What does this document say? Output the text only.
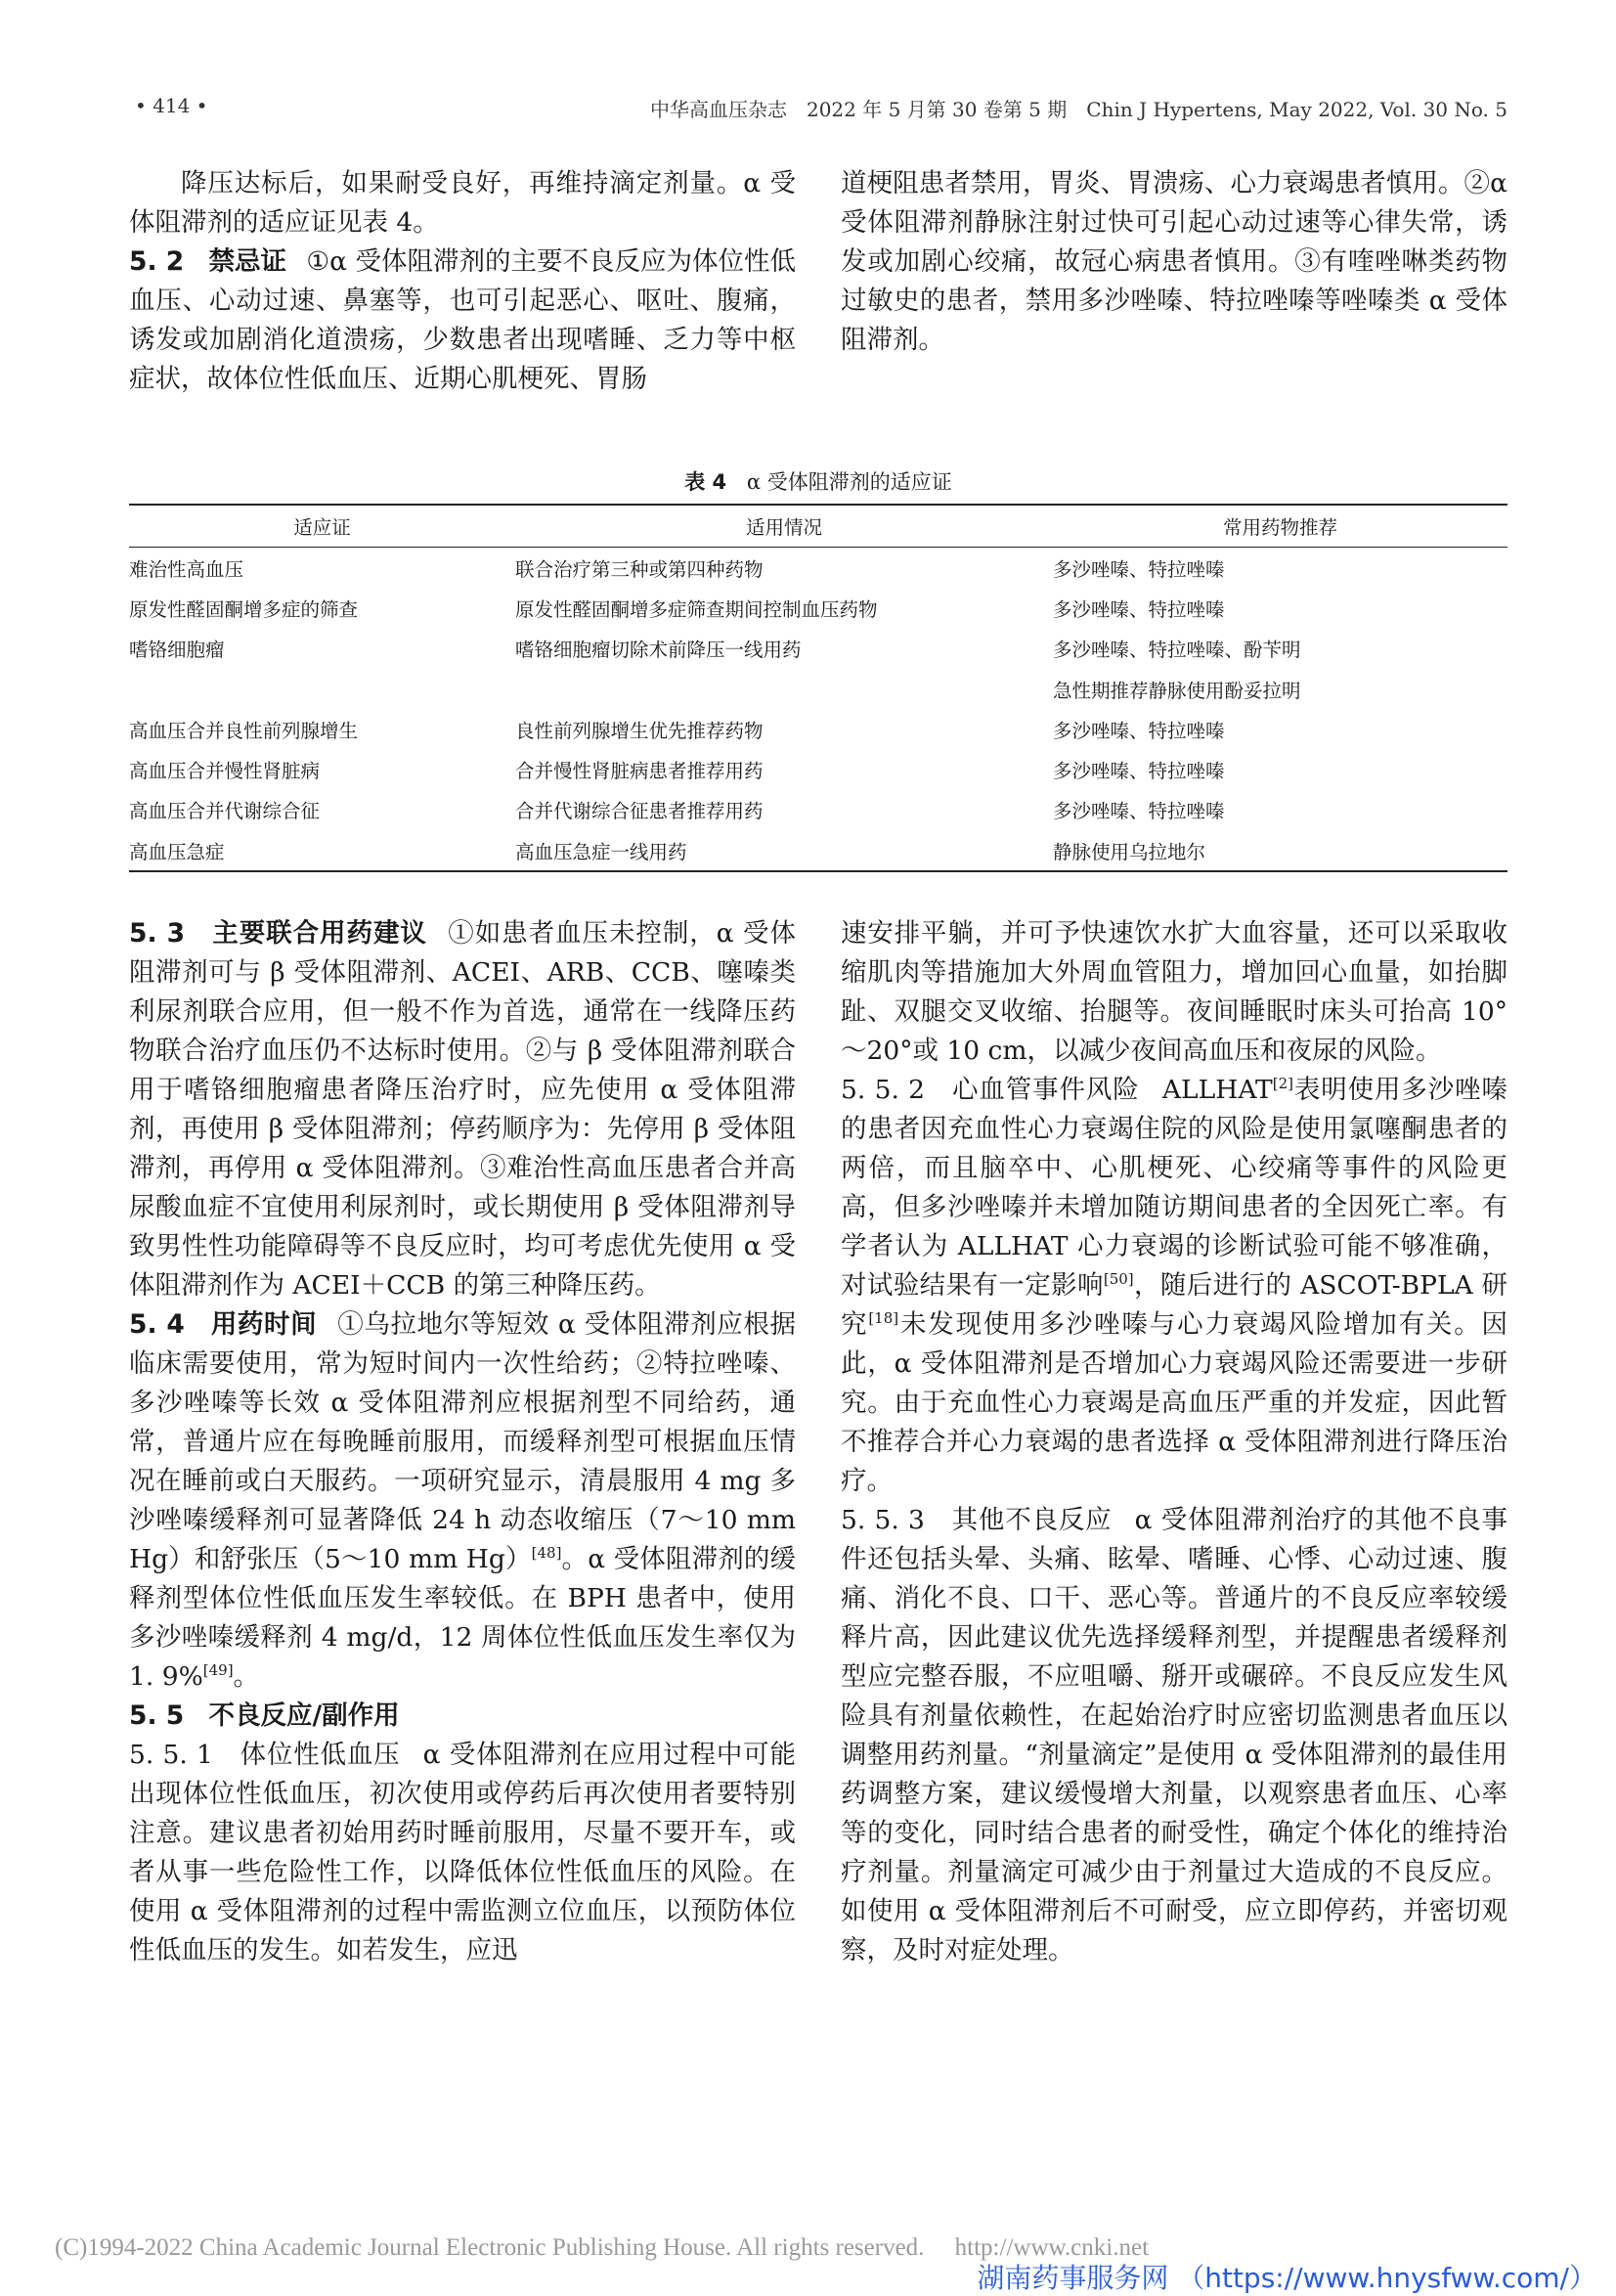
• 414 •	中华高血压杂志　2022 年 5 月第 30 卷第 5 期　Chin J Hypertens, May 2022, Vol. 30 No. 5

降压达标后，如果耐受良好，再维持滴定剂量。α 受体阻滞剂的适应证见表 4。

5. 2 禁忌证 ①α 受体阻滞剂的主要不良反应为体位性低血压、心动过速、鼻塞等，也可引起恶心、呕吐、腹痛，诱发或加剧消化道溃疡，少数患者出现嗜睡、乏力等中枢症状，故体位性低血压、近期心肌梗死、胃肠

道梗阻患者禁用，胃炎、胃溃疡、心力衰竭患者慎用。②α 受体阻滞剂静脉注射过快可引起心动过速等心律失常，诱发或加剧心绞痛，故冠心病患者慎用。③有喹唑啉类药物过敏史的患者，禁用多沙唑嗪、特拉唑嗪等唑嗪类 α 受体阻滞剂。

表 4 α 受体阻滞剂的适应证
适应证	适用情况	常用药物推荐
难治性高血压	联合治疗第三种或第四种药物	多沙唑嗪、特拉唑嗪
原发性醛固酮增多症的筛查	原发性醛固酮增多症筛查期间控制血压药物	多沙唑嗪、特拉唑嗪
嗜铬细胞瘤	嗜铬细胞瘤切除术前降压一线用药	多沙唑嗪、特拉唑嗪、酚苄明
		急性期推荐静脉使用酚妥拉明
高血压合并良性前列腺增生	良性前列腺增生优先推荐药物	多沙唑嗪、特拉唑嗪
高血压合并慢性肾脏病	合并慢性肾脏病患者推荐用药	多沙唑嗪、特拉唑嗪
高血压合并代谢综合征	合并代谢综合征患者推荐用药	多沙唑嗪、特拉唑嗪
高血压急症	高血压急症一线用药	静脉使用乌拉地尔

5. 3 主要联合用药建议 ①如患者血压未控制，α 受体阻滞剂可与 β 受体阻滞剂、ACEI、ARB、CCB、噻嗪类利尿剂联合应用，但一般不作为首选，通常在一线降压药物联合治疗血压仍不达标时使用。②与 β 受体阻滞剂联合用于嗜铬细胞瘤患者降压治疗时，应先使用 α 受体阻滞剂，再使用 β 受体阻滞剂；停药顺序为：先停用 β 受体阻滞剂，再停用 α 受体阻滞剂。③难治性高血压患者合并高尿酸血症不宜使用利尿剂时，或长期使用 β 受体阻滞剂导致男性性功能障碍等不良反应时，均可考虑优先使用 α 受体阻滞剂作为 ACEI＋CCB 的第三种降压药。

5. 4 用药时间 ①乌拉地尔等短效 α 受体阻滞剂应根据临床需要使用，常为短时间内一次性给药；②特拉唑嗪、多沙唑嗪等长效 α 受体阻滞剂应根据剂型不同给药，通常，普通片应在每晚睡前服用，而缓释剂型可根据血压情况在睡前或白天服药。一项研究显示，清晨服用 4 mg 多沙唑嗪缓释剂可显著降低 24 h 动态收缩压（7～10 mm Hg）和舒张压（5～10 mm Hg）[48]。α 受体阻滞剂的缓释剂型体位性低血压发生率较低。在 BPH 患者中，使用多沙唑嗪缓释剂 4 mg/d，12 周体位性低血压发生率仅为 1. 9%[49]。

5. 5 不良反应/副作用

5. 5. 1 体位性低血压 α 受体阻滞剂在应用过程中可能出现体位性低血压，初次使用或停药后再次使用者要特别注意。建议患者初始用药时睡前服用，尽量不要开车，或者从事一些危险性工作，以降低体位性低血压的风险。在使用 α 受体阻滞剂的过程中需监测立位血压，以预防体位性低血压的发生。如若发生，应迅

速安排平躺，并可予快速饮水扩大血容量，还可以采取收缩肌肉等措施加大外周血管阻力，增加回心血量，如抬脚趾、双腿交叉收缩、抬腿等。夜间睡眠时床头可抬高 10°～20°或 10 cm，以减少夜间高血压和夜尿的风险。

5. 5. 2 心血管事件风险 ALLHAT[2]表明使用多沙唑嗪的患者因充血性心力衰竭住院的风险是使用氯噻酮患者的两倍，而且脑卒中、心肌梗死、心绞痛等事件的风险更高，但多沙唑嗪并未增加随访期间患者的全因死亡率。有学者认为 ALLHAT 心力衰竭的诊断试验可能不够准确，对试验结果有一定影响[50]，随后进行的 ASCOT-BPLA 研究[18]未发现使用多沙唑嗪与心力衰竭风险增加有关。因此，α 受体阻滞剂是否增加心力衰竭风险还需要进一步研究。由于充血性心力衰竭是高血压严重的并发症，因此暂不推荐合并心力衰竭的患者选择 α 受体阻滞剂进行降压治疗。

5. 5. 3 其他不良反应 α 受体阻滞剂治疗的其他不良事件还包括头晕、头痛、眩晕、嗜睡、心悸、心动过速、腹痛、消化不良、口干、恶心等。普通片的不良反应率较缓释片高，因此建议优先选择缓释剂型，并提醒患者缓释剂型应完整吞服，不应咀嚼、掰开或碾碎。不良反应发生风险具有剂量依赖性，在起始治疗时应密切监测患者血压以调整用药剂量。“剂量滴定”是使用 α 受体阻滞剂的最佳用药调整方案，建议缓慢增大剂量，以观察患者血压、心率等的变化，同时结合患者的耐受性，确定个体化的维持治疗剂量。剂量滴定可减少由于剂量过大造成的不良反应。如使用 α 受体阻滞剂后不可耐受，应立即停药，并密切观察，及时对症处理。

(C)1994-2022 China Academic Journal Electronic Publishing House. All rights reserved.　 http://www.cnki.net
湖南药事服务网 （https://www.hnysfww.com/）
